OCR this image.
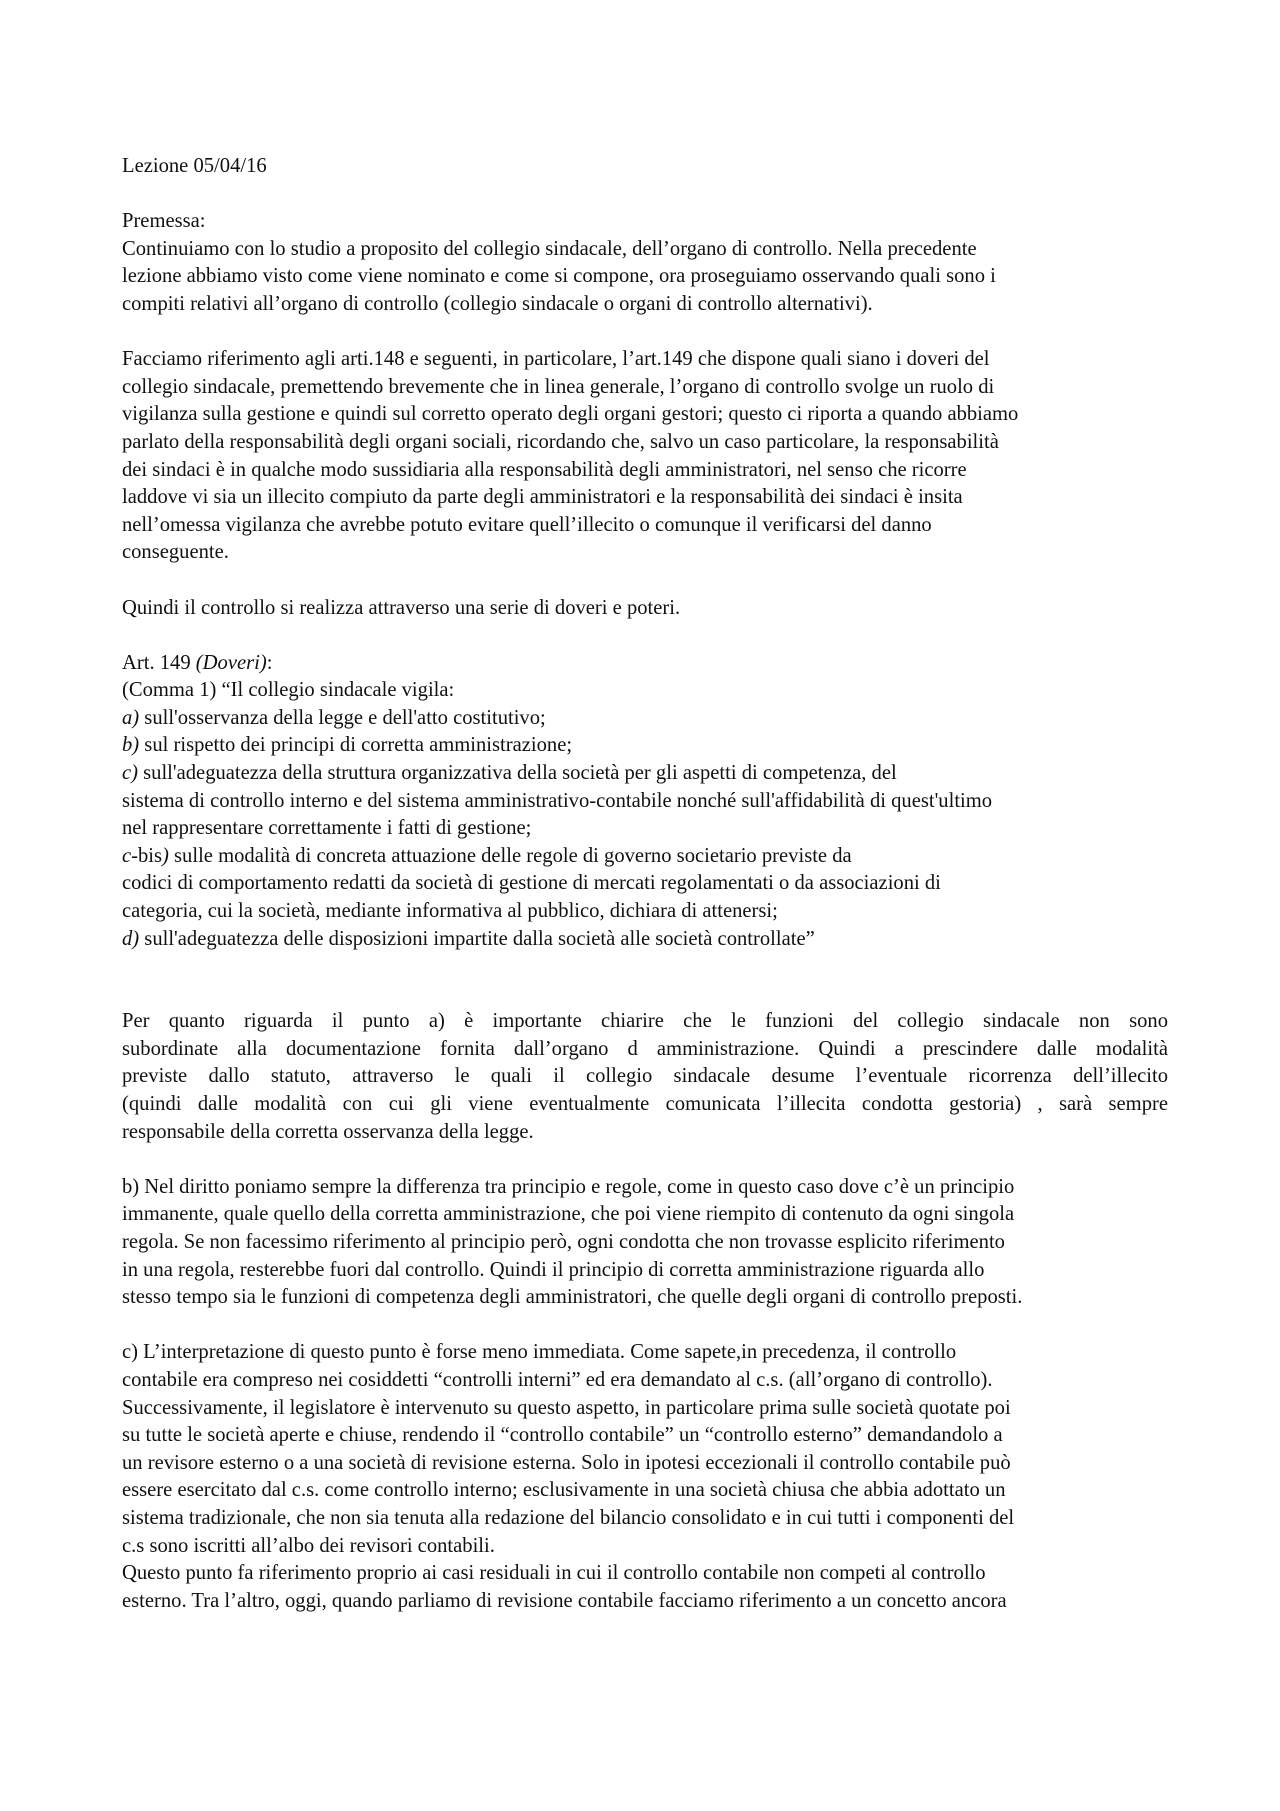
Lezione 05/04/16

Premessa:

Continuiamo con lo studio a proposito del collegio sindacale, dell’organo di controllo. Nella precedente
lezione abbiamo visto come viene nominato e come si compone, ora proseguiamo osservando quali sono i
compiti relativi all’organo di controllo (collegio sindacale o organi di controllo alternativi).
Facciamo riferimento agli arti.148 e seguenti, in particolare, l’art.149 che dispone quali siano i doveri del
collegio sindacale, premettendo brevemente che in linea generale, l’organo di controllo svolge un ruolo di
vigilanza sulla gestione e quindi sul corretto operato degli organi gestori; questo ci riporta a quando abbiamo
parlato della responsabilità degli organi sociali, ricordando che, salvo un caso particolare, la responsabilità
dei sindaci è in qualche modo sussidiaria alla responsabilità degli amministratori, nel senso che ricorre
laddove vi sia un illecito compiuto da parte degli amministratori e la responsabilità dei sindaci è insita
nell’omessa vigilanza che avrebbe potuto evitare quell’illecito o comunque il verificarsi del danno
conseguente.

Quindi il controllo si realizza attraverso una serie di doveri e poteri.

Art. 149 (Doveri):
(Comma 1) “Il collegio sindacale vigila:
a) sull'osservanza della legge e dell'atto costitutivo;
b) sul rispetto dei principi di corretta amministrazione;
c) sull'adeguatezza della struttura organizzativa della società per gli aspetti di competenza, del
sistema di controllo interno e del sistema amministrativo-contabile nonché sull'affidabilità di quest'ultimo
nel rappresentare correttamente i fatti di gestione;
c-bis) sulle modalità di concreta attuazione delle regole di governo societario previste da
codici di comportamento redatti da società di gestione di mercati regolamentati o da associazioni di
categoria, cui la società, mediante informativa al pubblico, dichiara di attenersi;
d) sull'adeguatezza delle disposizioni impartite dalla società alle società controllate”
Per quanto riguarda il punto a) è importante chiarire che le funzioni del collegio sindacale non sono
subordinate alla documentazione fornita dall’organo d amministrazione. Quindi a prescindere dalle modalità
previste dallo statuto, attraverso le quali il collegio sindacale desume l’eventuale ricorrenza dell’illecito
(quindi dalle modalità con cui gli viene eventualmente comunicata l’illecita condotta gestoria) , sarà sempre
responsabile della corretta osservanza della legge.
b) Nel diritto poniamo sempre la differenza tra principio e regole, come in questo caso dove c’è un principio
immanente, quale quello della corretta amministrazione, che poi viene riempito di contenuto da ogni singola
regola. Se non facessimo riferimento al principio però, ogni condotta che non trovasse esplicito riferimento
in una regola, resterebbe fuori dal controllo. Quindi il principio di corretta amministrazione riguarda allo
stesso tempo sia le funzioni di competenza degli amministratori, che quelle degli organi di controllo preposti.
c) L’interpretazione di questo punto è forse meno immediata. Come sapete,in precedenza, il controllo
contabile era compreso nei cosiddetti “controlli interni” ed era demandato al c.s. (all’organo di controllo).
Successivamente, il legislatore è intervenuto su questo aspetto, in particolare prima sulle società quotate poi
su tutte le società aperte e chiuse, rendendo il “controllo contabile” un “controllo esterno” demandandolo a
un revisore esterno o a una società di revisione esterna. Solo in ipotesi eccezionali il controllo contabile può
essere esercitato dal c.s. come controllo interno; esclusivamente in una società chiusa che abbia adottato un
sistema tradizionale, che non sia tenuta alla redazione del bilancio consolidato e in cui tutti i componenti del
c.s sono iscritti all’albo dei revisori contabili.
Questo punto fa riferimento proprio ai casi residuali in cui il controllo contabile non competi al controllo
esterno. Tra l’altro, oggi, quando parliamo di revisione contabile facciamo riferimento a un concetto ancora
